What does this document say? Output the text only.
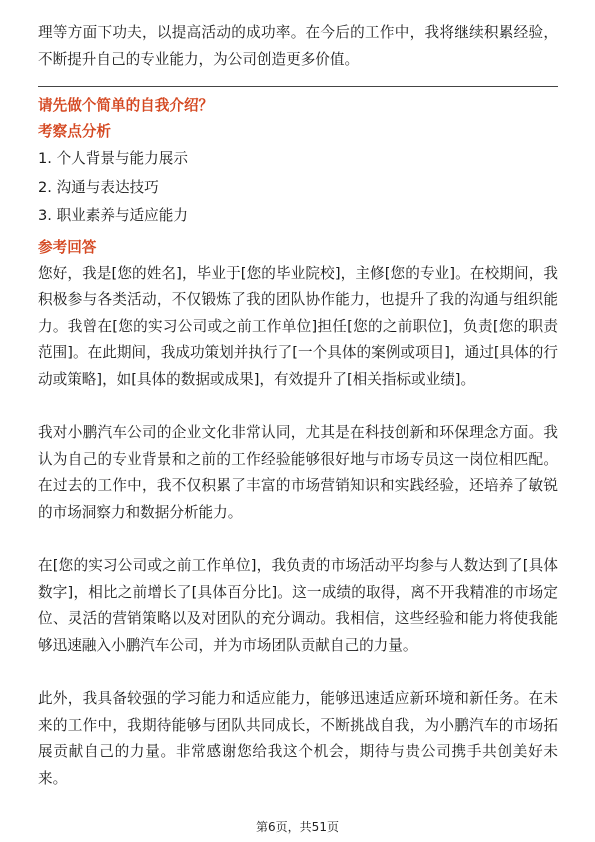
理等方面下功夫，以提高活动的成功率。在今后的工作中，我将继续积累经验，不断提升自己的专业能力，为公司创造更多价值。

请先做个简单的自我介绍？
考察点分析
1. 个人背景与能力展示
2. 沟通与表达技巧
3. 职业素养与适应能力
参考回答

您好，我是[您的姓名]，毕业于[您的毕业院校]，主修[您的专业]。在校期间，我积极参与各类活动，不仅锻炼了我的团队协作能力，也提升了我的沟通与组织能力。我曾在[您的实习公司或之前工作单位]担任[您的之前职位]，负责[您的职责范围]。在此期间，我成功策划并执行了[一个具体的案例或项目]，通过[具体的行动或策略]，如[具体的数据或成果]，有效提升了[相关指标或业绩]。

我对小鹏汽车公司的企业文化非常认同，尤其是在科技创新和环保理念方面。我认为自己的专业背景和之前的工作经验能够很好地与市场专员这一岗位相匹配。在过去的工作中，我不仅积累了丰富的市场营销知识和实践经验，还培养了敏锐的市场洞察力和数据分析能力。

在[您的实习公司或之前工作单位]，我负责的市场活动平均参与人数达到了[具体数字]，相比之前增长了[具体百分比]。这一成绩的取得，离不开我精准的市场定位、灵活的营销策略以及对团队的充分调动。我相信，这些经验和能力将使我能够迅速融入小鹏汽车公司，并为市场团队贡献自己的力量。

此外，我具备较强的学习能力和适应能力，能够迅速适应新环境和新任务。在未来的工作中，我期待能够与团队共同成长，不断挑战自我，为小鹏汽车的市场拓展贡献自己的力量。非常感谢您给我这个机会，期待与贵公司携手共创美好未来。

第6页，共51页
